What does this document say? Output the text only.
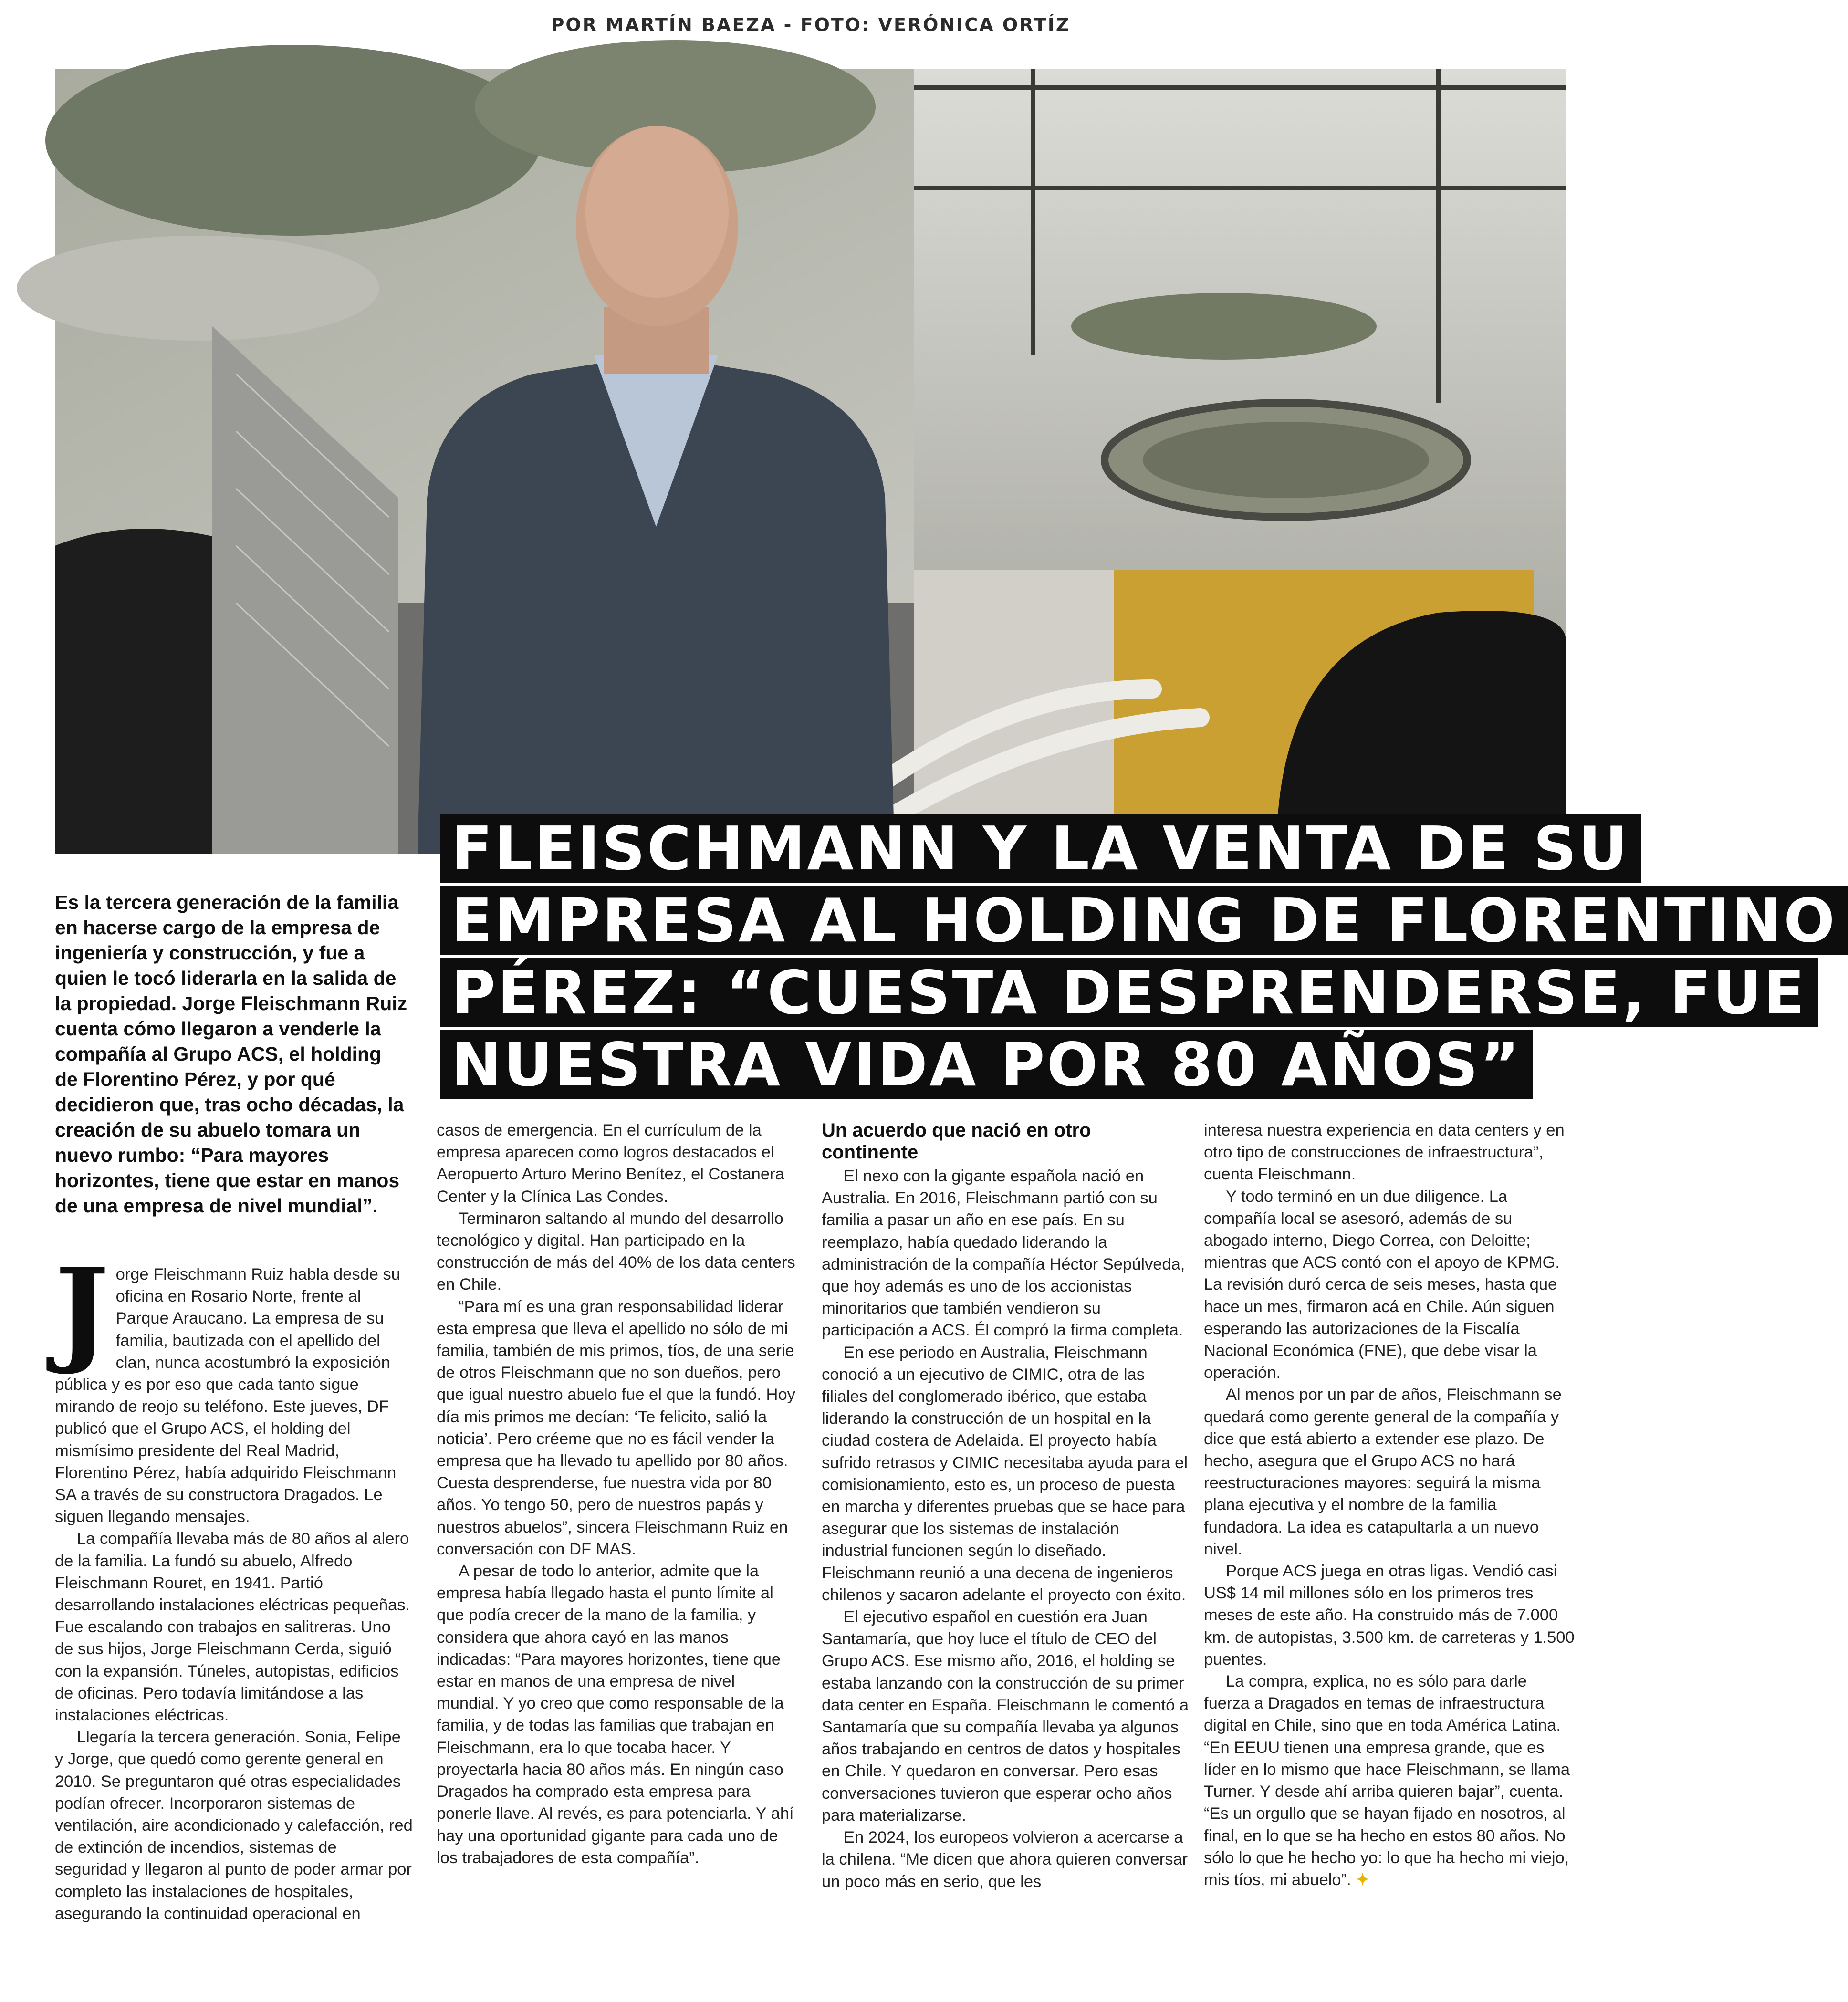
POR MARTÍN BAEZA - FOTO: VERÓNICA ORTÍZ
FLEISCHMANN Y LA VENTA DE SU
EMPRESA AL HOLDING DE FLORENTINO
PÉREZ: “CUESTA DESPRENDERSE, FUE
NUESTRA VIDA POR 80 AÑOS”
Es la tercera generación de la familia en hacerse cargo de la empresa de ingeniería y construcción, y fue a quien le tocó liderarla en la salida de la propiedad. Jorge Fleischmann Ruiz cuenta cómo llegaron a venderle la compañía al Grupo ACS, el holding de Florentino Pérez, y por qué decidieron que, tras ocho décadas, la creación de su abuelo tomara un nuevo rumbo: “Para mayores horizontes, tiene que estar en manos de una empresa de nivel mundial”.

Jorge Fleischmann Ruiz habla desde su oficina en Rosario Norte, frente al Parque Araucano. La empresa de su familia, bautizada con el apellido del clan, nunca acostumbró la exposición pública y es por eso que cada tanto sigue mirando de reojo su teléfono. Este jueves, DF publicó que el Grupo ACS, el holding del mismísimo presidente del Real Madrid, Florentino Pérez, había adquirido Fleischmann SA a través de su constructora Dragados. Le siguen llegando mensajes.

La compañía llevaba más de 80 años al alero de la familia. La fundó su abuelo, Alfredo Fleischmann Rouret, en 1941. Partió desarrollando instalaciones eléctricas pequeñas. Fue escalando con trabajos en salitreras. Uno de sus hijos, Jorge Fleischmann Cerda, siguió con la expansión. Túneles, autopistas, edificios de oficinas. Pero todavía limitándose a las instalaciones eléctricas.

Llegaría la tercera generación. Sonia, Felipe y Jorge, que quedó como gerente general en 2010. Se preguntaron qué otras especialidades podían ofrecer. Incorporaron sistemas de ventilación, aire acondicionado y calefacción, red de extinción de incendios, sistemas de seguridad y llegaron al punto de poder armar por completo las instalaciones de hospitales, asegurando la continuidad operacional en

casos de emergencia. En el currículum de la empresa aparecen como logros destacados el Aeropuerto Arturo Merino Benítez, el Costanera Center y la Clínica Las Condes.

Terminaron saltando al mundo del desarrollo tecnológico y digital. Han participado en la construcción de más del 40% de los data centers en Chile.

“Para mí es una gran responsabilidad liderar esta empresa que lleva el apellido no sólo de mi familia, también de mis primos, tíos, de una serie de otros Fleischmann que no son dueños, pero que igual nuestro abuelo fue el que la fundó. Hoy día mis primos me decían: ‘Te felicito, salió la noticia’. Pero créeme que no es fácil vender la empresa que ha llevado tu apellido por 80 años. Cuesta desprenderse, fue nuestra vida por 80 años. Yo tengo 50, pero de nuestros papás y nuestros abuelos”, sincera Fleischmann Ruiz en conversación con DF MAS.

A pesar de todo lo anterior, admite que la empresa había llegado hasta el punto límite al que podía crecer de la mano de la familia, y considera que ahora cayó en las manos indicadas: “Para mayores horizontes, tiene que estar en manos de una empresa de nivel mundial. Y yo creo que como responsable de la familia, y de todas las familias que trabajan en Fleischmann, era lo que tocaba hacer. Y proyectarla hacia 80 años más. En ningún caso Dragados ha comprado esta empresa para ponerle llave. Al revés, es para potenciarla. Y ahí hay una oportunidad gigante para cada uno de los trabajadores de esta compañía”.

Un acuerdo que nació en otro continente

El nexo con la gigante española nació en Australia. En 2016, Fleischmann partió con su familia a pasar un año en ese país. En su reemplazo, había quedado liderando la administración de la compañía Héctor Sepúlveda, que hoy además es uno de los accionistas minoritarios que también vendieron su participación a ACS. Él compró la firma completa.

En ese periodo en Australia, Fleischmann conoció a un ejecutivo de CIMIC, otra de las filiales del conglomerado ibérico, que estaba liderando la construcción de un hospital en la ciudad costera de Adelaida. El proyecto había sufrido retrasos y CIMIC necesitaba ayuda para el comisionamiento, esto es, un proceso de puesta en marcha y diferentes pruebas que se hace para asegurar que los sistemas de instalación industrial funcionen según lo diseñado. Fleischmann reunió a una decena de ingenieros chilenos y sacaron adelante el proyecto con éxito.

El ejecutivo español en cuestión era Juan Santamaría, que hoy luce el título de CEO del Grupo ACS. Ese mismo año, 2016, el holding se estaba lanzando con la construcción de su primer data center en España. Fleischmann le comentó a Santamaría que su compañía llevaba ya algunos años trabajando en centros de datos y hospitales en Chile. Y quedaron en conversar. Pero esas conversaciones tuvieron que esperar ocho años para materializarse.

En 2024, los europeos volvieron a acercarse a la chilena. “Me dicen que ahora quieren conversar un poco más en serio, que les

interesa nuestra experiencia en data centers y en otro tipo de construcciones de infraestructura”, cuenta Fleischmann.

Y todo terminó en un due diligence. La compañía local se asesoró, además de su abogado interno, Diego Correa, con Deloitte; mientras que ACS contó con el apoyo de KPMG. La revisión duró cerca de seis meses, hasta que hace un mes, firmaron acá en Chile. Aún siguen esperando las autorizaciones de la Fiscalía Nacional Económica (FNE), que debe visar la operación.

Al menos por un par de años, Fleischmann se quedará como gerente general de la compañía y dice que está abierto a extender ese plazo. De hecho, asegura que el Grupo ACS no hará reestructuraciones mayores: seguirá la misma plana ejecutiva y el nombre de la familia fundadora. La idea es catapultarla a un nuevo nivel.

Porque ACS juega en otras ligas. Vendió casi US$ 14 mil millones sólo en los primeros tres meses de este año. Ha construido más de 7.000 km. de autopistas, 3.500 km. de carreteras y 1.500 puentes.

La compra, explica, no es sólo para darle fuerza a Dragados en temas de infraestructura digital en Chile, sino que en toda América Latina. “En EEUU tienen una empresa grande, que es líder en lo mismo que hace Fleischmann, se llama Turner. Y desde ahí arriba quieren bajar”, cuenta. “Es un orgullo que se hayan fijado en nosotros, al final, en lo que se ha hecho en estos 80 años. No sólo lo que he hecho yo: lo que ha hecho mi viejo, mis tíos, mi abuelo”. ✦
